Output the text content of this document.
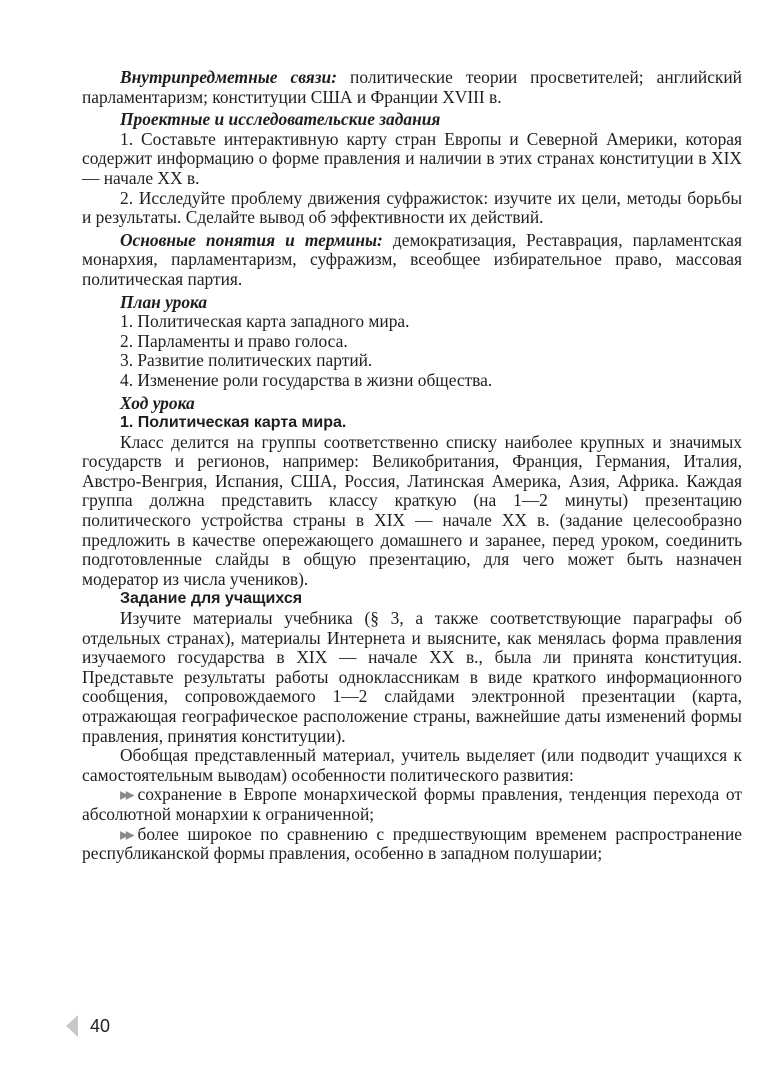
Внутрипредметные связи: политические теории просветителей; английский парламентаризм; конституции США и Франции XVIII в.

Проектные и исследовательские задания

1. Составьте интерактивную карту стран Европы и Северной Америки, которая содержит информацию о форме правления и наличии в этих странах конституции в XIX — начале XX в.

2. Исследуйте проблему движения суфражисток: изучите их цели, методы борьбы и результаты. Сделайте вывод об эффективности их действий.

Основные понятия и термины: демократизация, Реставрация, парламентская монархия, парламентаризм, суфражизм, всеобщее избирательное право, массовая политическая партия.

План урока

1. Политическая карта западного мира.

2. Парламенты и право голоса.

3. Развитие политических партий.

4. Изменение роли государства в жизни общества.

Ход урока

1. Политическая карта мира.

Класс делится на группы соответственно списку наиболее крупных и значимых государств и регионов, например: Великобритания, Франция, Германия, Италия, Австро-Венгрия, Испания, США, Россия, Латинская Америка, Азия, Африка. Каждая группа должна представить классу краткую (на 1—2 минуты) презентацию политического устройства страны в XIX — начале XX в. (задание целесообразно предложить в качестве опережающего домашнего и заранее, перед уроком, соединить подготовленные слайды в общую презентацию, для чего может быть назначен модератор из числа учеников).

Задание для учащихся

Изучите материалы учебника (§ 3, а также соответствующие параграфы об отдельных странах), материалы Интернета и выясните, как менялась форма правления изучаемого государства в XIX — начале XX в., была ли принята конституция. Представьте результаты работы одноклассникам в виде краткого информационного сообщения, сопровождаемого 1—2 слайдами электронной презентации (карта, отражающая географическое расположение страны, важнейшие даты изменений формы правления, принятия конституции).

Обобщая представленный материал, учитель выделяет (или подводит учащихся к самостоятельным выводам) особенности политического развития:

▸▸ сохранение в Европе монархической формы правления, тенденция перехода от абсолютной монархии к ограниченной;

▸▸ более широкое по сравнению с предшествующим временем распространение республиканской формы правления, особенно в западном полушарии;

40
